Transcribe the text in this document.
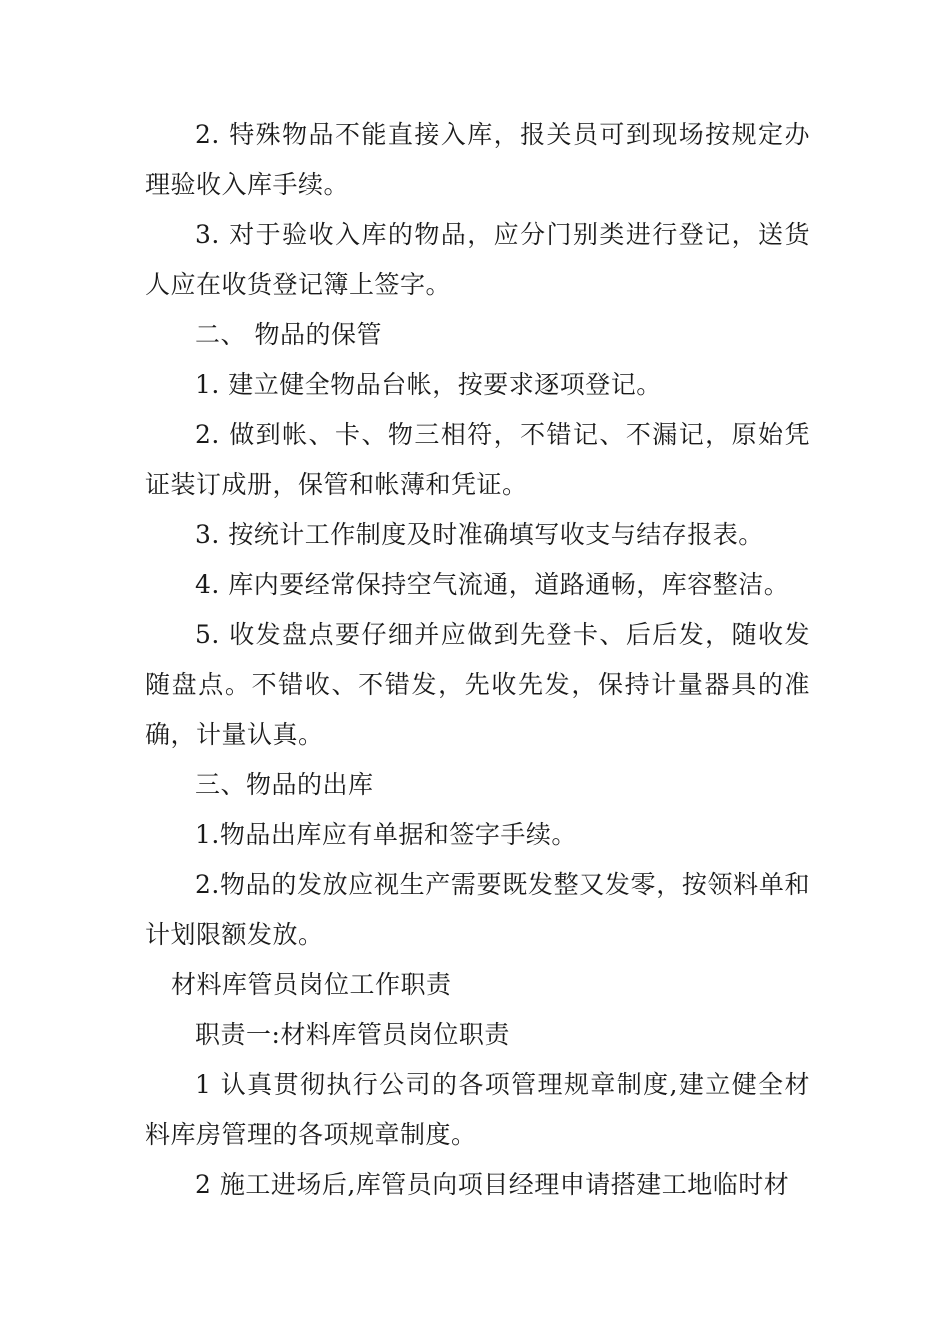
2. 特殊物品不能直接入库，报关员可到现场按规定办理验收入库手续。

3. 对于验收入库的物品，应分门别类进行登记，送货人应在收货登记簿上签字。

二、 物品的保管

1. 建立健全物品台帐，按要求逐项登记。

2. 做到帐、卡、物三相符，不错记、不漏记，原始凭证装订成册，保管和帐薄和凭证。

3. 按统计工作制度及时准确填写收支与结存报表。

4. 库内要经常保持空气流通，道路通畅，库容整洁。

5. 收发盘点要仔细并应做到先登卡、后后发，随收发随盘点。不错收、不错发，先收先发，保持计量器具的准确，计量认真。

三、物品的出库

1.物品出库应有单据和签字手续。

2.物品的发放应视生产需要既发整又发零，按领料单和计划限额发放。

材料库管员岗位工作职责

职责一:材料库管员岗位职责

1 认真贯彻执行公司的各项管理规章制度,建立健全材料库房管理的各项规章制度。

2 施工进场后,库管员向项目经理申请搭建工地临时材
